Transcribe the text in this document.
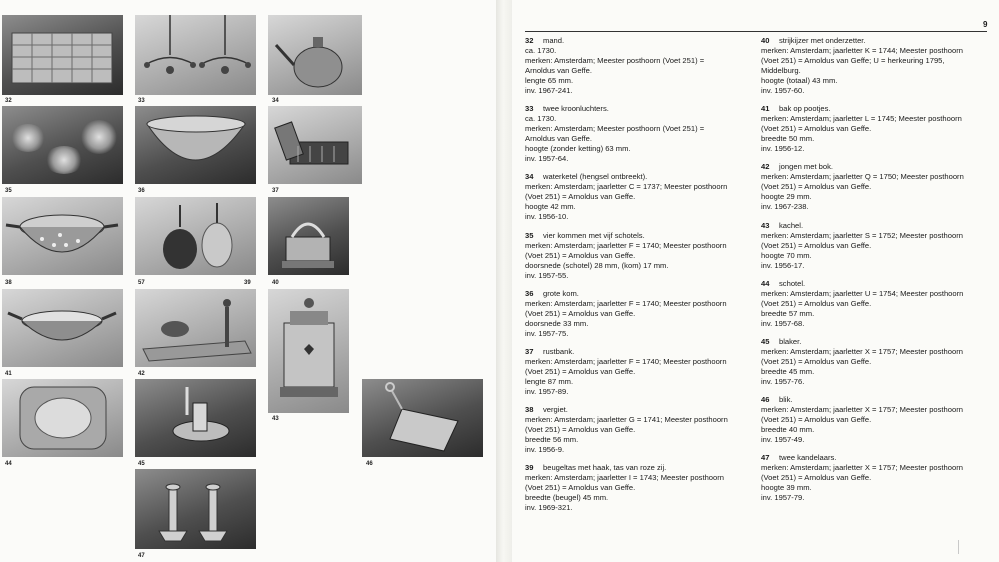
32	33	34
35	36	37
38	57	39	40
41	42
43
44	45	46
47
9
32 mand.
ca. 1730.
merken: Amsterdam; Meester posthoorn (Voet 251) =
Arnoldus van Geffe.
lengte 65 mm.
inv. 1967-241.
33 twee kroonluchters.
ca. 1730.
merken: Amsterdam; Meester posthoorn (Voet 251) =
Arnoldus van Geffe.
hoogte (zonder ketting) 63 mm.
inv. 1957-64.
34 waterketel (hengsel ontbreekt).
merken: Amsterdam; jaarletter C = 1737; Meester posthoorn
(Voet 251) = Arnoldus van Geffe.
hoogte 42 mm.
inv. 1956-10.
35 vier kommen met vijf schotels.
merken: Amsterdam; jaarletter F = 1740; Meester posthoorn
(Voet 251) = Arnoldus van Geffe.
doorsnede (schotel) 28 mm, (kom) 17 mm.
inv. 1957-55.
36 grote kom.
merken: Amsterdam; jaarletter F = 1740; Meester posthoorn
(Voet 251) = Arnoldus van Geffe.
doorsnede 33 mm.
inv. 1957-75.
37 rustbank.
merken: Amsterdam; jaarletter F = 1740; Meester posthoorn
(Voet 251) = Arnoldus van Geffe.
lengte 87 mm.
inv. 1957-89.
38 vergiet.
merken: Amsterdam; jaarletter G = 1741; Meester posthoorn
(Voet 251) = Arnoldus van Geffe.
breedte 56 mm.
inv. 1956-9.
39 beugeltas met haak, tas van roze zij.
merken: Amsterdam; jaarletter I = 1743; Meester posthoorn
(Voet 251) = Arnoldus van Geffe.
breedte (beugel) 45 mm.
inv. 1969-321.
40 strijkijzer met onderzetter.
merken: Amsterdam; jaarletter K = 1744; Meester posthoorn
(Voet 251) = Arnoldus van Geffe; U = herkeuring 1795,
Middelburg.
hoogte (totaal) 43 mm.
inv. 1957-60.
41 bak op pootjes.
merken: Amsterdam; jaarletter L = 1745; Meester posthoorn
(Voet 251) = Arnoldus van Geffe.
breedte 50 mm.
inv. 1956-12.
42 jongen met bok.
merken: Amsterdam; jaarletter Q = 1750; Meester posthoorn
(Voet 251) = Arnoldus van Geffe.
hoogte 29 mm.
inv. 1967-238.
43 kachel.
merken: Amsterdam; jaarletter S = 1752; Meester posthoorn
(Voet 251) = Arnoldus van Geffe.
hoogte 70 mm.
inv. 1956-17.
44 schotel.
merken: Amsterdam; jaarletter U = 1754; Meester posthoorn
(Voet 251) = Arnoldus van Geffe.
breedte 57 mm.
inv. 1957-68.
45 blaker.
merken: Amsterdam; jaarletter X = 1757; Meester posthoorn
(Voet 251) = Arnoldus van Geffe.
breedte 45 mm.
inv. 1957-76.
46 blik.
merken: Amsterdam; jaarletter X = 1757; Meester posthoorn
(Voet 251) = Arnoldus van Geffe.
breedte 40 mm.
inv. 1957-49.
47 twee kandelaars.
merken: Amsterdam; jaarletter X = 1757; Meester posthoorn
(Voet 251) = Arnoldus van Geffe.
hoogte 39 mm.
inv. 1957-79.
